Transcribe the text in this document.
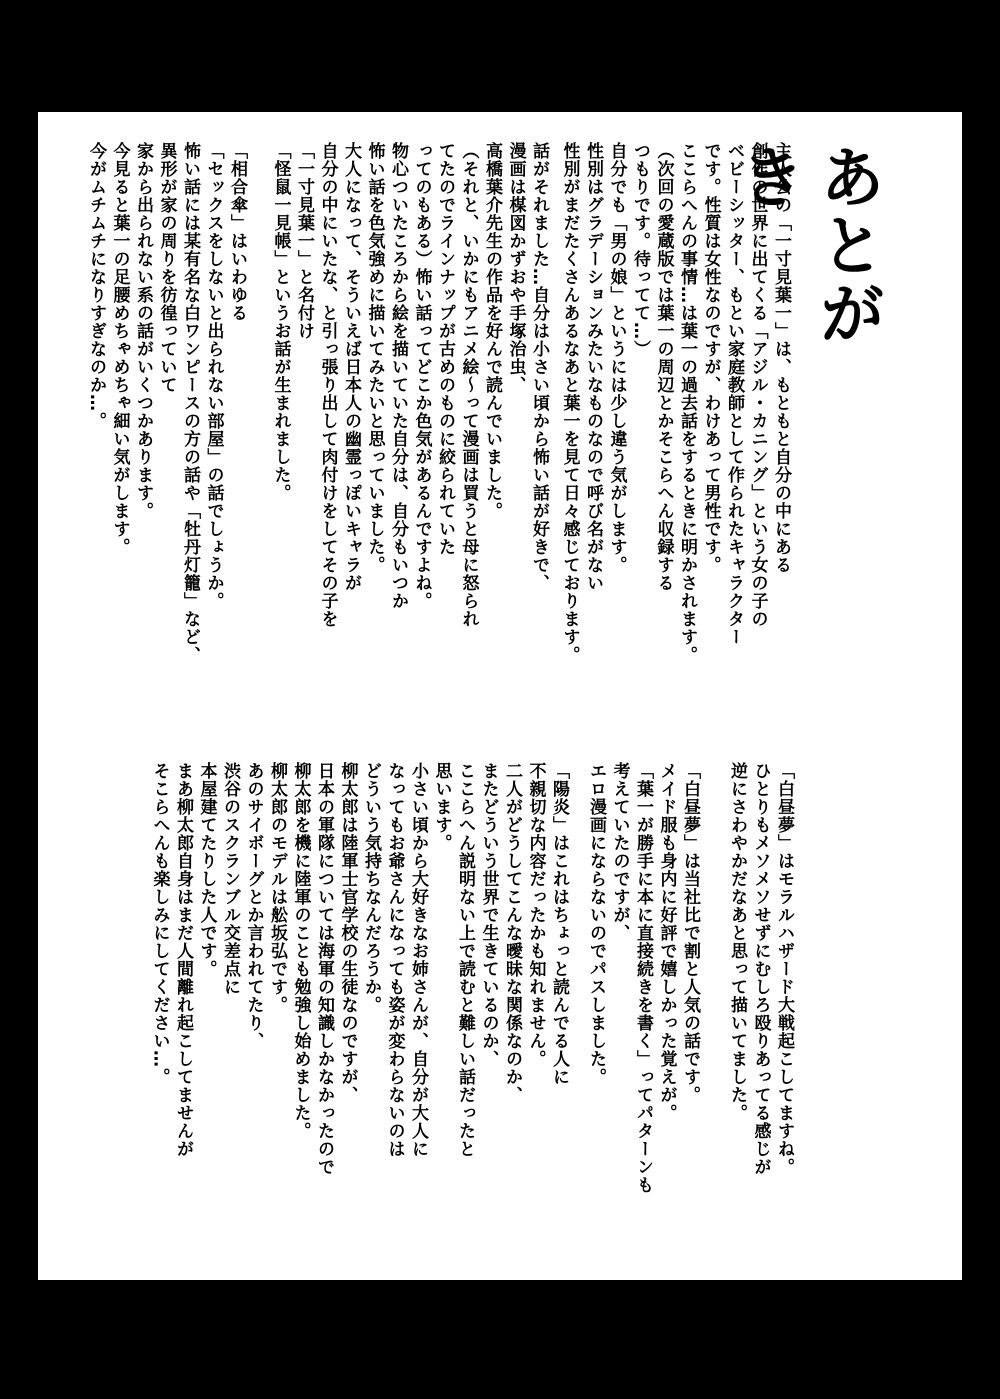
あとがき
主人公の「一寸見葉一」は、もともと自分の中にある
創作の世界に出てくる「アジル・カニング」という女の子の
ベビーシッター、もとい家庭教師として作られたキャラクター
です。性質は女性なのですが、わけあって男性です。
ここらへんの事情…は葉一の過去話をするときに明かされます。
（次回の愛蔵版では葉一の周辺とかそこらへん収録する
つもりです。待ってて…）
自分でも「男の娘」というには少し違う気がします。
性別はグラデーションみたいなものなので呼び名がない
性別がまだたくさんあるなあと葉一を見て日々感じております。
話がそれました…自分は小さい頃から怖い話が好きで、
漫画は楳図かずおや手塚治虫、
高橋葉介先生の作品を好んで読んでいました。
（それと、いかにもアニメ絵〜って漫画は買うと母に怒られ
てたのでラインナップが古めのものに絞られていた
ってのもある）怖い話ってどこか色気があるんですよね。
物心ついたころから絵を描いていた自分は、自分もいつか
怖い話を色気強めに描いてみたいと思っていました。
大人になって、そういえば日本人の幽霊っぽいキャラが
自分の中にいたな、と引っ張り出して肉付けをしてその子を
「一寸見葉一」と名付け
「怪鼠一見帳」というお話が生まれました。
「相合傘」はいわゆる
「セックスをしないと出られない部屋」の話でしょうか。
怖い話には某有名な白ワンピースの方の話や「牡丹灯籠」など、
異形が家の周りを彷徨っていて
家から出られない系の話がいくつかあります。
今見ると葉一の足腰めちゃめちゃ細い気がします。
今がムチムチになりすぎなのか…。
「白昼夢」はモラルハザード大戦起こしてますね。
ひとりもメソメソせずにむしろ殴りあってる感じが
逆にさわやかだなあと思って描いてました。

「白昼夢」は当社比で割と人気の話です。
メイド服も身内に好評で嬉しかった覚えが。
「葉一が勝手に本に直接続きを書く」ってパターンも
考えていたのですが、
エロ漫画にならないのでパスしました。
「陽炎」はこれはちょっと読んでる人に
不親切な内容だったかも知れません。
二人がどうしてこんな曖昧な関係なのか、
またどういう世界で生きているのか、
ここらへん説明ない上で読むと難しい話だったと
思います。
小さい頃から大好きなお姉さんが、自分が大人に
なってもお爺さんになっても姿が変わらないのは
どういう気持ちなんだろうか。
柳太郎は陸軍士官学校の生徒なのですが、
日本の軍隊については海軍の知識しかなかったので
柳太郎を機に陸軍のことも勉強し始めました。
柳太郎のモデルは舩坂弘です。
あのサイボーグとか言われてたり、
渋谷のスクランブル交差点に
本屋建てたりした人です。
まあ柳太郎自身はまだ人間離れ起こしてませんが
そこらへんも楽しみにしてください…。
